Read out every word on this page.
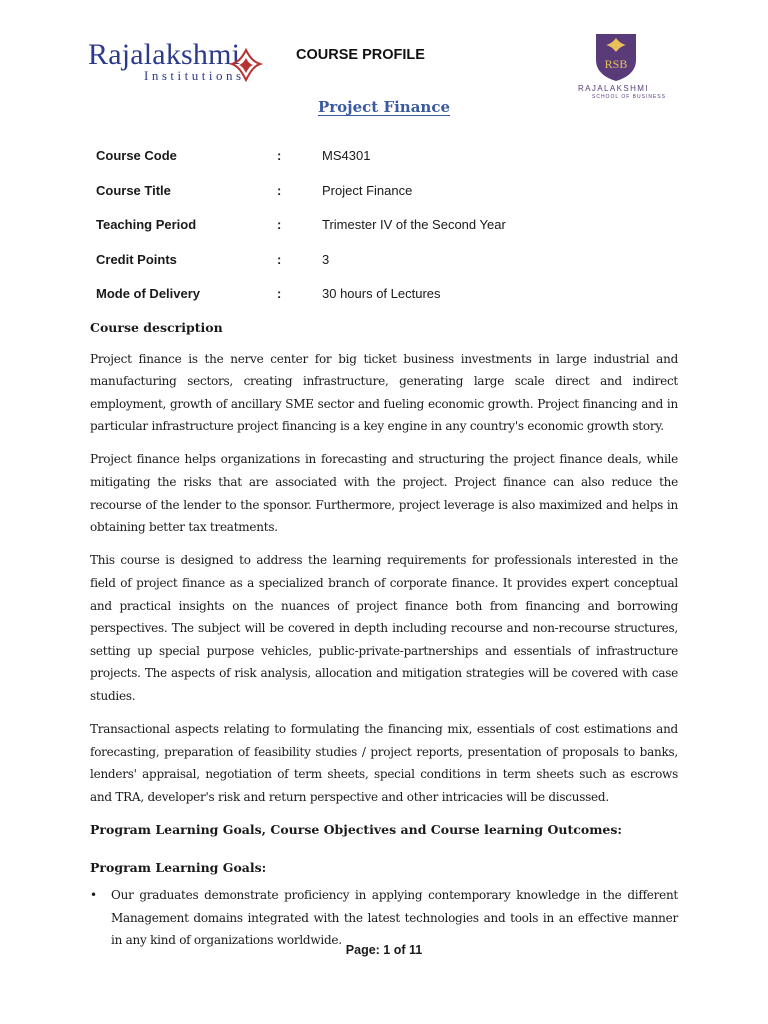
Rajalakshmi
Institutions
COURSE PROFILE
RSB
RAJALAKSHMI
SCHOOL OF BUSINESS
Project Finance
Course Code	:	MS4301
Course Title	:	Project Finance
Teaching Period	:	Trimester IV of the Second Year
Credit Points	:	3
Mode of Delivery	:	30 hours of Lectures
Course description

Project finance is the nerve center for big ticket business investments in large industrial and manufacturing sectors, creating infrastructure, generating large scale direct and indirect employment, growth of ancillary SME sector and fueling economic growth. Project financing and in particular infrastructure project financing is a key engine in any country's economic growth story.

Project finance helps organizations in forecasting and structuring the project finance deals, while mitigating the risks that are associated with the project. Project finance can also reduce the recourse of the lender to the sponsor. Furthermore, project leverage is also maximized and helps in obtaining better tax treatments.

This course is designed to address the learning requirements for professionals interested in the field of project finance as a specialized branch of corporate finance. It provides expert conceptual and practical insights on the nuances of project finance both from financing and borrowing perspectives. The subject will be covered in depth including recourse and non-recourse structures, setting up special purpose vehicles, public-private-partnerships and essentials of infrastructure projects. The aspects of risk analysis, allocation and mitigation strategies will be covered with case studies.

Transactional aspects relating to formulating the financing mix, essentials of cost estimations and forecasting, preparation of feasibility studies / project reports, presentation of proposals to banks, lenders' appraisal, negotiation of term sheets, special conditions in term sheets such as escrows and TRA, developer's risk and return perspective and other intricacies will be discussed.

Program Learning Goals, Course Objectives and Course learning Outcomes:
Program Learning Goals:
• Our graduates demonstrate proficiency in applying contemporary knowledge in the different Management domains integrated with the latest technologies and tools in an effective manner in any kind of organizations worldwide.
Page: 1 of 11
